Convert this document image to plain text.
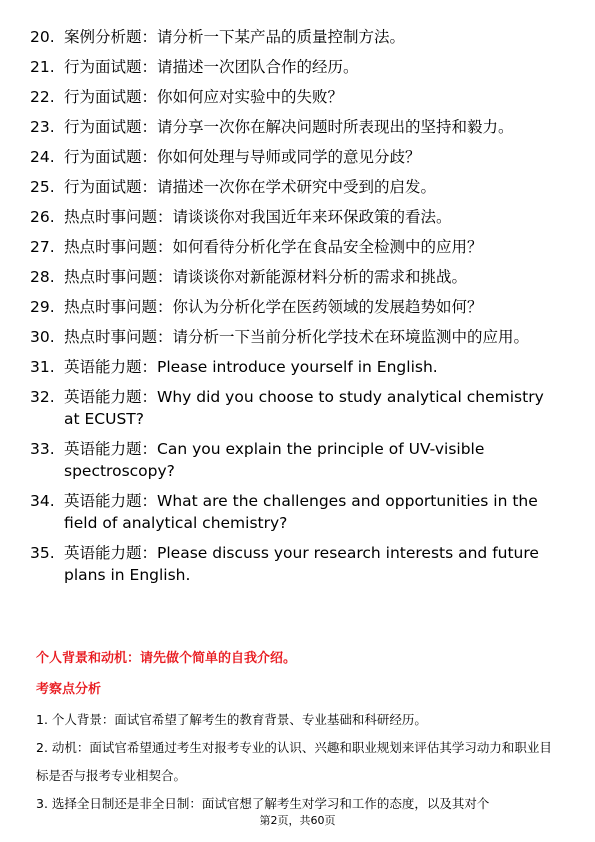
20. 案例分析题：请分析一下某产品的质量控制方法。
21. 行为面试题：请描述一次团队合作的经历。
22. 行为面试题：你如何应对实验中的失败？
23. 行为面试题：请分享一次你在解决问题时所表现出的坚持和毅力。
24. 行为面试题：你如何处理与导师或同学的意见分歧？
25. 行为面试题：请描述一次你在学术研究中受到的启发。
26. 热点时事问题：请谈谈你对我国近年来环保政策的看法。
27. 热点时事问题：如何看待分析化学在食品安全检测中的应用？
28. 热点时事问题：请谈谈你对新能源材料分析的需求和挑战。
29. 热点时事问题：你认为分析化学在医药领域的发展趋势如何？
30. 热点时事问题：请分析一下当前分析化学技术在环境监测中的应用。
31. 英语能力题：Please introduce yourself in English.
32. 英语能力题：Why did you choose to study analytical chemistry at ECUST?
33. 英语能力题：Can you explain the principle of UV-visible spectroscopy?
34. 英语能力题：What are the challenges and opportunities in the field of analytical chemistry?
35. 英语能力题：Please discuss your research interests and future plans in English.
个人背景和动机：请先做个简单的自我介绍。
考察点分析
1. 个人背景：面试官希望了解考生的教育背景、专业基础和科研经历。
2. 动机：面试官希望通过考生对报考专业的认识、兴趣和职业规划来评估其学习动力和职业目标是否与报考专业相契合。
3. 选择全日制还是非全日制：面试官想了解考生对学习和工作的态度，以及其对个
第2页，共60页
